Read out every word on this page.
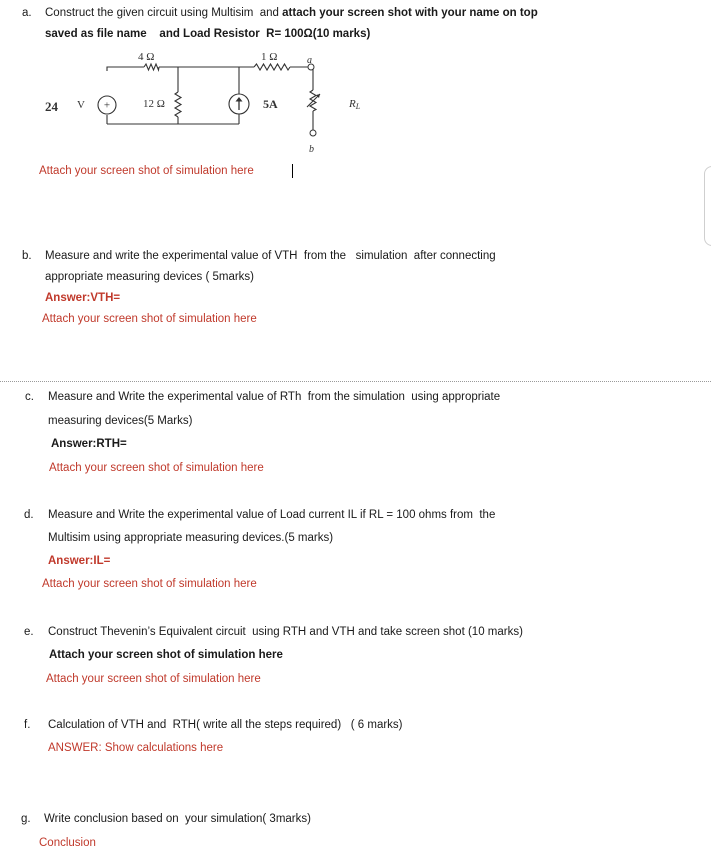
a. Construct the given circuit using Multisim  and attach your screen shot with your name on top
saved as file name    and Load Resistor  R= 100Ω(10 marks)
+
4 Ω	1 Ω
12 Ω
a
b
RL
5A
24 V
Attach your screen shot of simulation here
b. Measure and write the experimental value of VTH  from the   simulation  after connecting
appropriate measuring devices ( 5marks)
Answer:VTH=
Attach your screen shot of simulation here
c. Measure and Write the experimental value of RTh  from the simulation  using appropriate
measuring devices(5 Marks)
Answer:RTH=
Attach your screen shot of simulation here
d. Measure and Write the experimental value of Load current IL if RL = 100 ohms from  the
Multisim using appropriate measuring devices.(5 marks)
Answer:IL=
Attach your screen shot of simulation here
e. Construct Thevenin’s Equivalent circuit  using RTH and VTH and take screen shot (10 marks)
Attach your screen shot of simulation here
Attach your screen shot of simulation here
f. Calculation of VTH and  RTH( write all the steps required)   ( 6 marks)
ANSWER: Show calculations here
g. Write conclusion based on  your simulation( 3marks)
Conclusion
